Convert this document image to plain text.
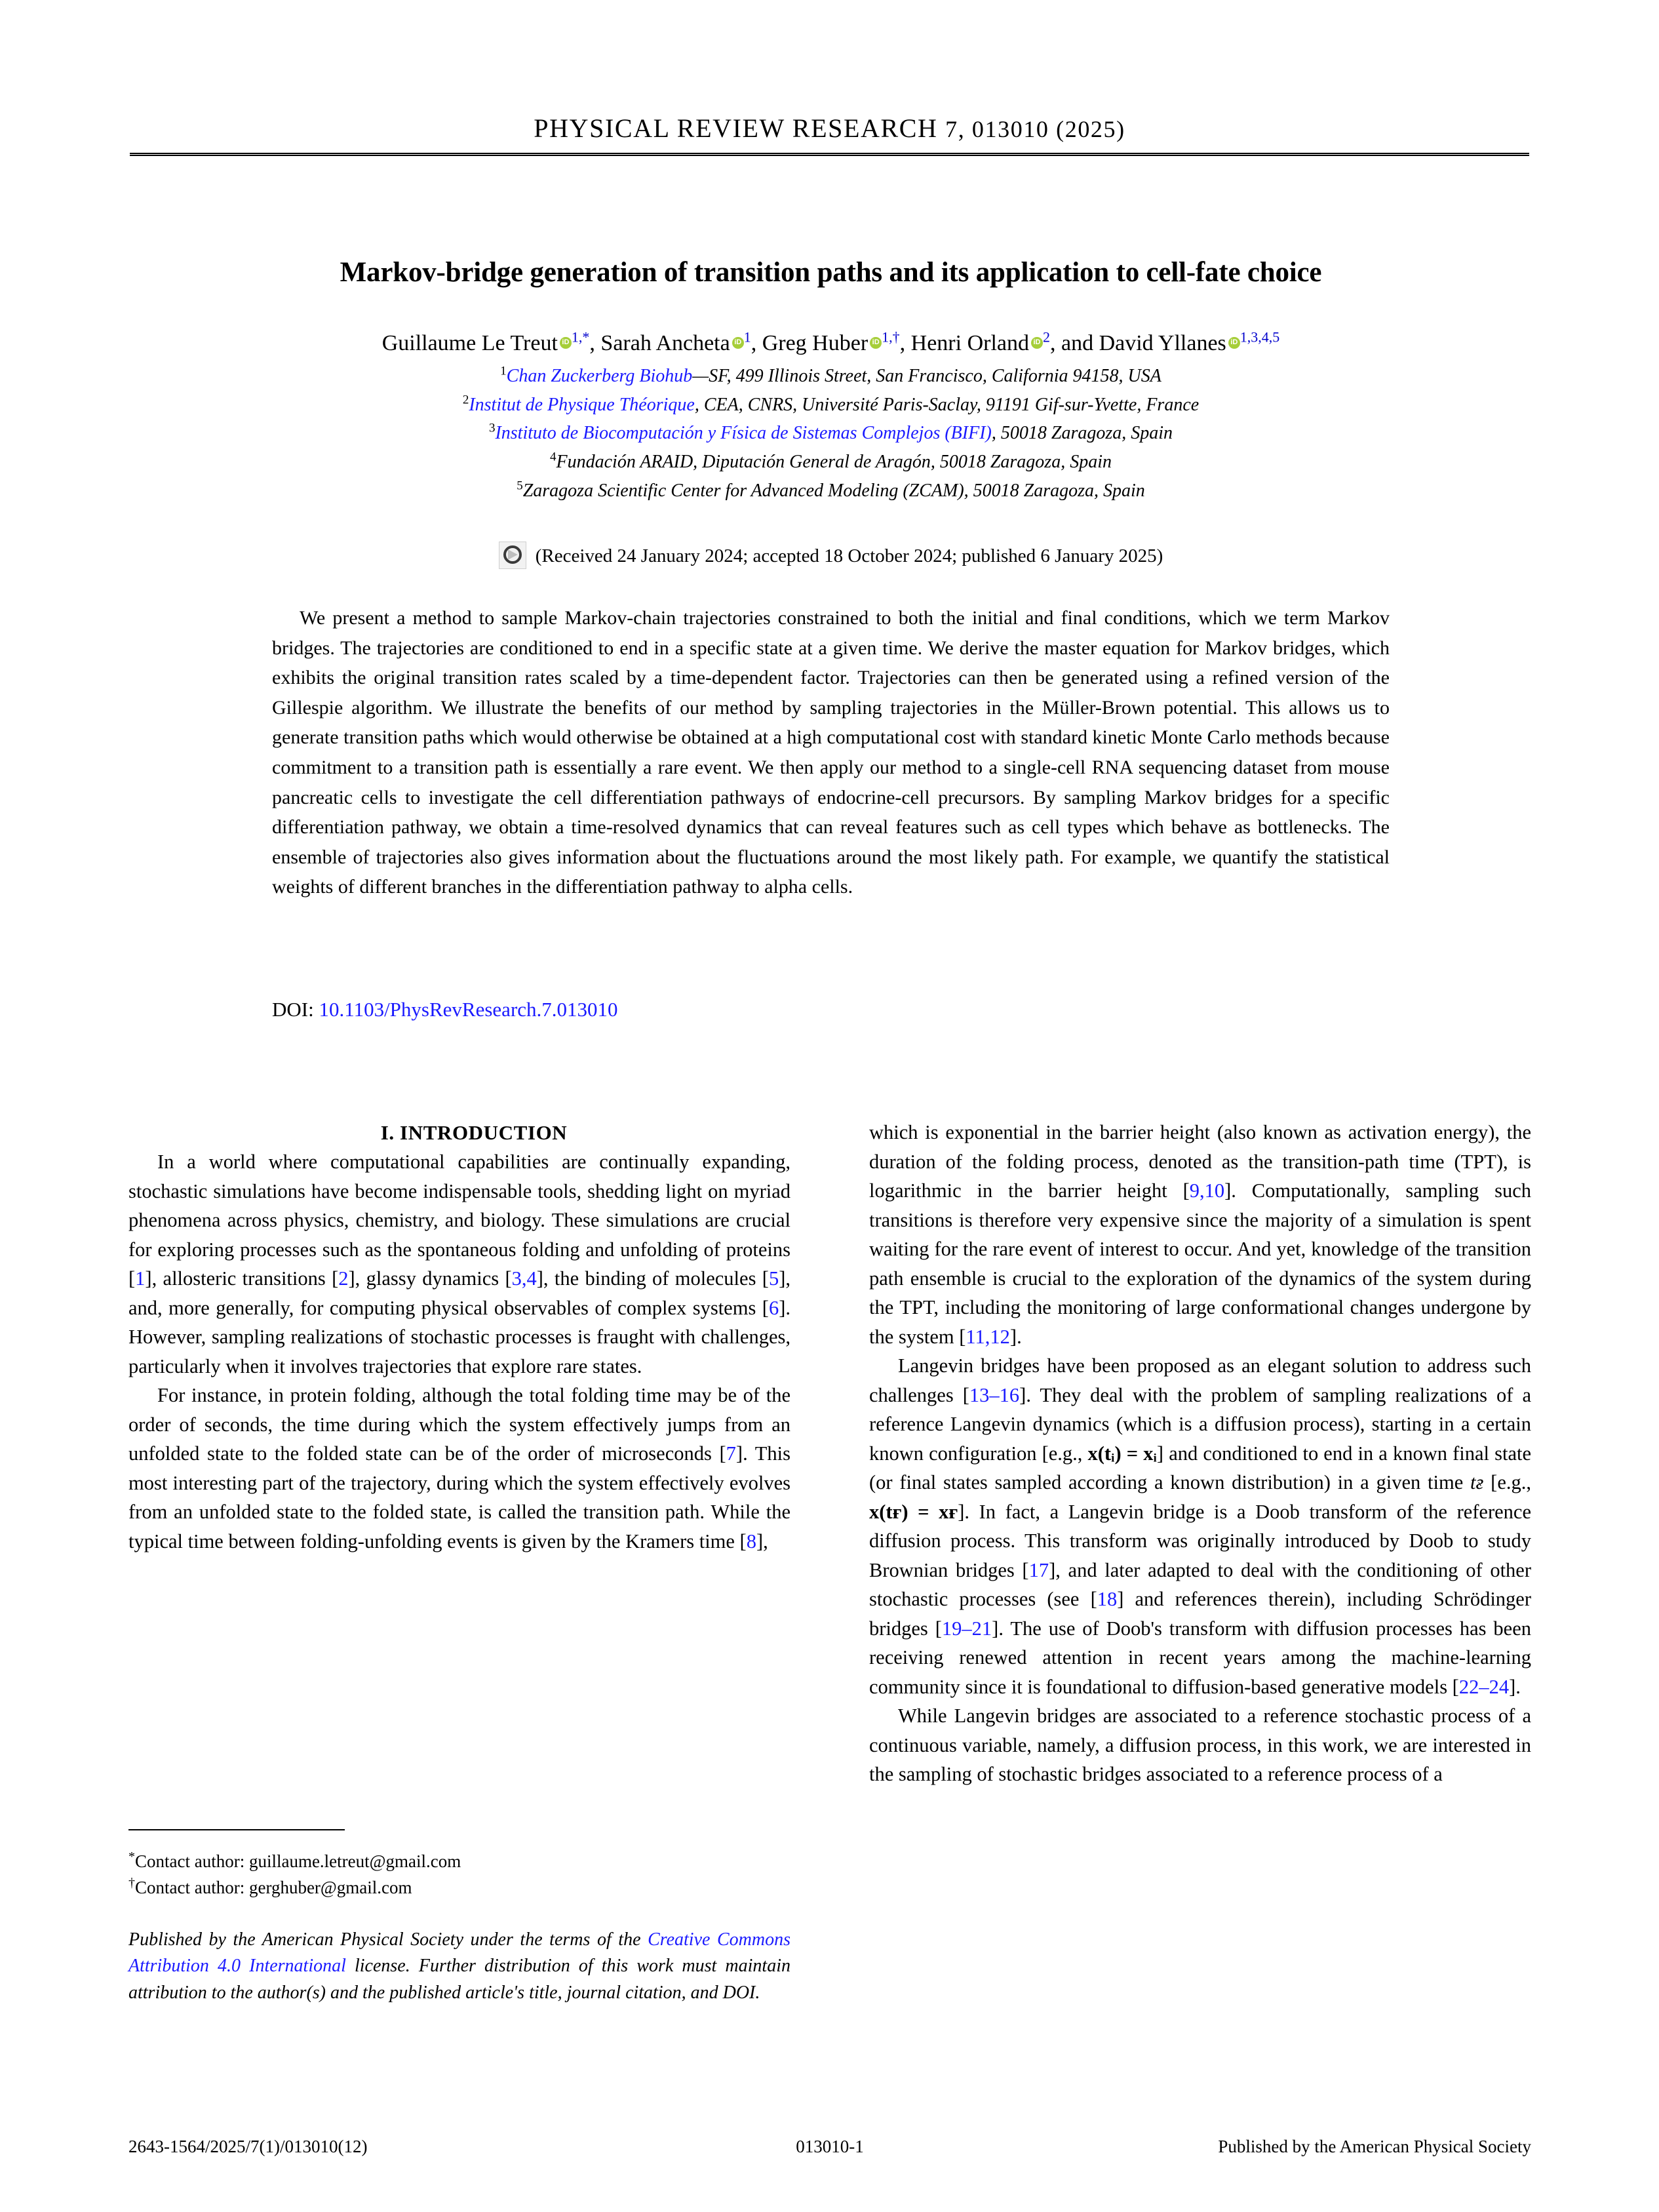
PHYSICAL REVIEW RESEARCH 7, 013010 (2025)
Markov-bridge generation of transition paths and its application to cell-fate choice
Guillaume Le Treut iD $^{1,*}$, Sarah Ancheta iD $^1$, Greg Huber iD $^{1,\dagger}$, Henri Orland iD $^2$, and David Yllanes iD $^{1,3,4,5}$
$^1$Chan Zuckerberg Biohub—SF, 499 Illinois Street, San Francisco, California 94158, USA
$^2$Institut de Physique Théorique, CEA, CNRS, Université Paris-Saclay, 91191 Gif-sur-Yvette, France
$^3$Instituto de Biocomputación y Física de Sistemas Complejos (BIFI), 50018 Zaragoza, Spain
$^4$Fundación ARAID, Diputación General de Aragón, 50018 Zaragoza, Spain
$^5$Zaragoza Scientific Center for Advanced Modeling (ZCAM), 50018 Zaragoza, Spain
(Received 24 January 2024; accepted 18 October 2024; published 6 January 2025)
We present a method to sample Markov-chain trajectories constrained to both the initial and final conditions, which we term Markov bridges. The trajectories are conditioned to end in a specific state at a given time. We derive the master equation for Markov bridges, which exhibits the original transition rates scaled by a time-dependent factor. Trajectories can then be generated using a refined version of the Gillespie algorithm. We illustrate the benefits of our method by sampling trajectories in the Müller-Brown potential. This allows us to generate transition paths which would otherwise be obtained at a high computational cost with standard kinetic Monte Carlo methods because commitment to a transition path is essentially a rare event. We then apply our method to a single-cell RNA sequencing dataset from mouse pancreatic cells to investigate the cell differentiation pathways of endocrine-cell precursors. By sampling Markov bridges for a specific differentiation pathway, we obtain a time-resolved dynamics that can reveal features such as cell types which behave as bottlenecks. The ensemble of trajectories also gives information about the fluctuations around the most likely path. For example, we quantify the statistical weights of different branches in the differentiation pathway to alpha cells.
DOI: 10.1103/PhysRevResearch.7.013010

I. INTRODUCTION

In a world where computational capabilities are continually expanding, stochastic simulations have become indispensable tools, shedding light on myriad phenomena across physics, chemistry, and biology. These simulations are crucial for exploring processes such as the spontaneous folding and unfolding of proteins [1], allosteric transitions [2], glassy dynamics [3,4], the binding of molecules [5], and, more generally, for computing physical observables of complex systems [6]. However, sampling realizations of stochastic processes is fraught with challenges, particularly when it involves trajectories that explore rare states.

For instance, in protein folding, although the total folding time may be of the order of seconds, the time during which the system effectively jumps from an unfolded state to the folded state can be of the order of microseconds [7]. This most interesting part of the trajectory, during which the system effectively evolves from an unfolded state to the folded state, is called the transition path. While the typical time between folding-unfolding events is given by the Kramers time [8],

which is exponential in the barrier height (also known as activation energy), the duration of the folding process, denoted as the transition-path time (TPT), is logarithmic in the barrier height [9,10]. Computationally, sampling such transitions is therefore very expensive since the majority of a simulation is spent waiting for the rare event of interest to occur. And yet, knowledge of the transition path ensemble is crucial to the exploration of the dynamics of the system during the TPT, including the monitoring of large conformational changes undergone by the system [11,12].

Langevin bridges have been proposed as an elegant solution to address such challenges [13–16]. They deal with the problem of sampling realizations of a reference Langevin dynamics (which is a diffusion process), starting in a certain known configuration [e.g., x(tᵢ) = xᵢ] and conditioned to end in a known final state (or final states sampled according a known distribution) in a given time tғ [e.g., x(tғ) = xғ]. In fact, a Langevin bridge is a Doob transform of the reference diffusion process. This transform was originally introduced by Doob to study Brownian bridges [17], and later adapted to deal with the conditioning of other stochastic processes (see [18] and references therein), including Schrödinger bridges [19–21]. The use of Doob's transform with diffusion processes has been receiving renewed attention in recent years among the machine-learning community since it is foundational to diffusion-based generative models [22–24].

While Langevin bridges are associated to a reference stochastic process of a continuous variable, namely, a diffusion process, in this work, we are interested in the sampling of stochastic bridges associated to a reference process of a

*Contact author: guillaume.letreut@gmail.com
†Contact author: gerghuber@gmail.com
Published by the American Physical Society under the terms of the Creative Commons Attribution 4.0 International license. Further distribution of this work must maintain attribution to the author(s) and the published article's title, journal citation, and DOI.
2643-1564/2025/7(1)/013010(12)	013010-1	Published by the American Physical Society
